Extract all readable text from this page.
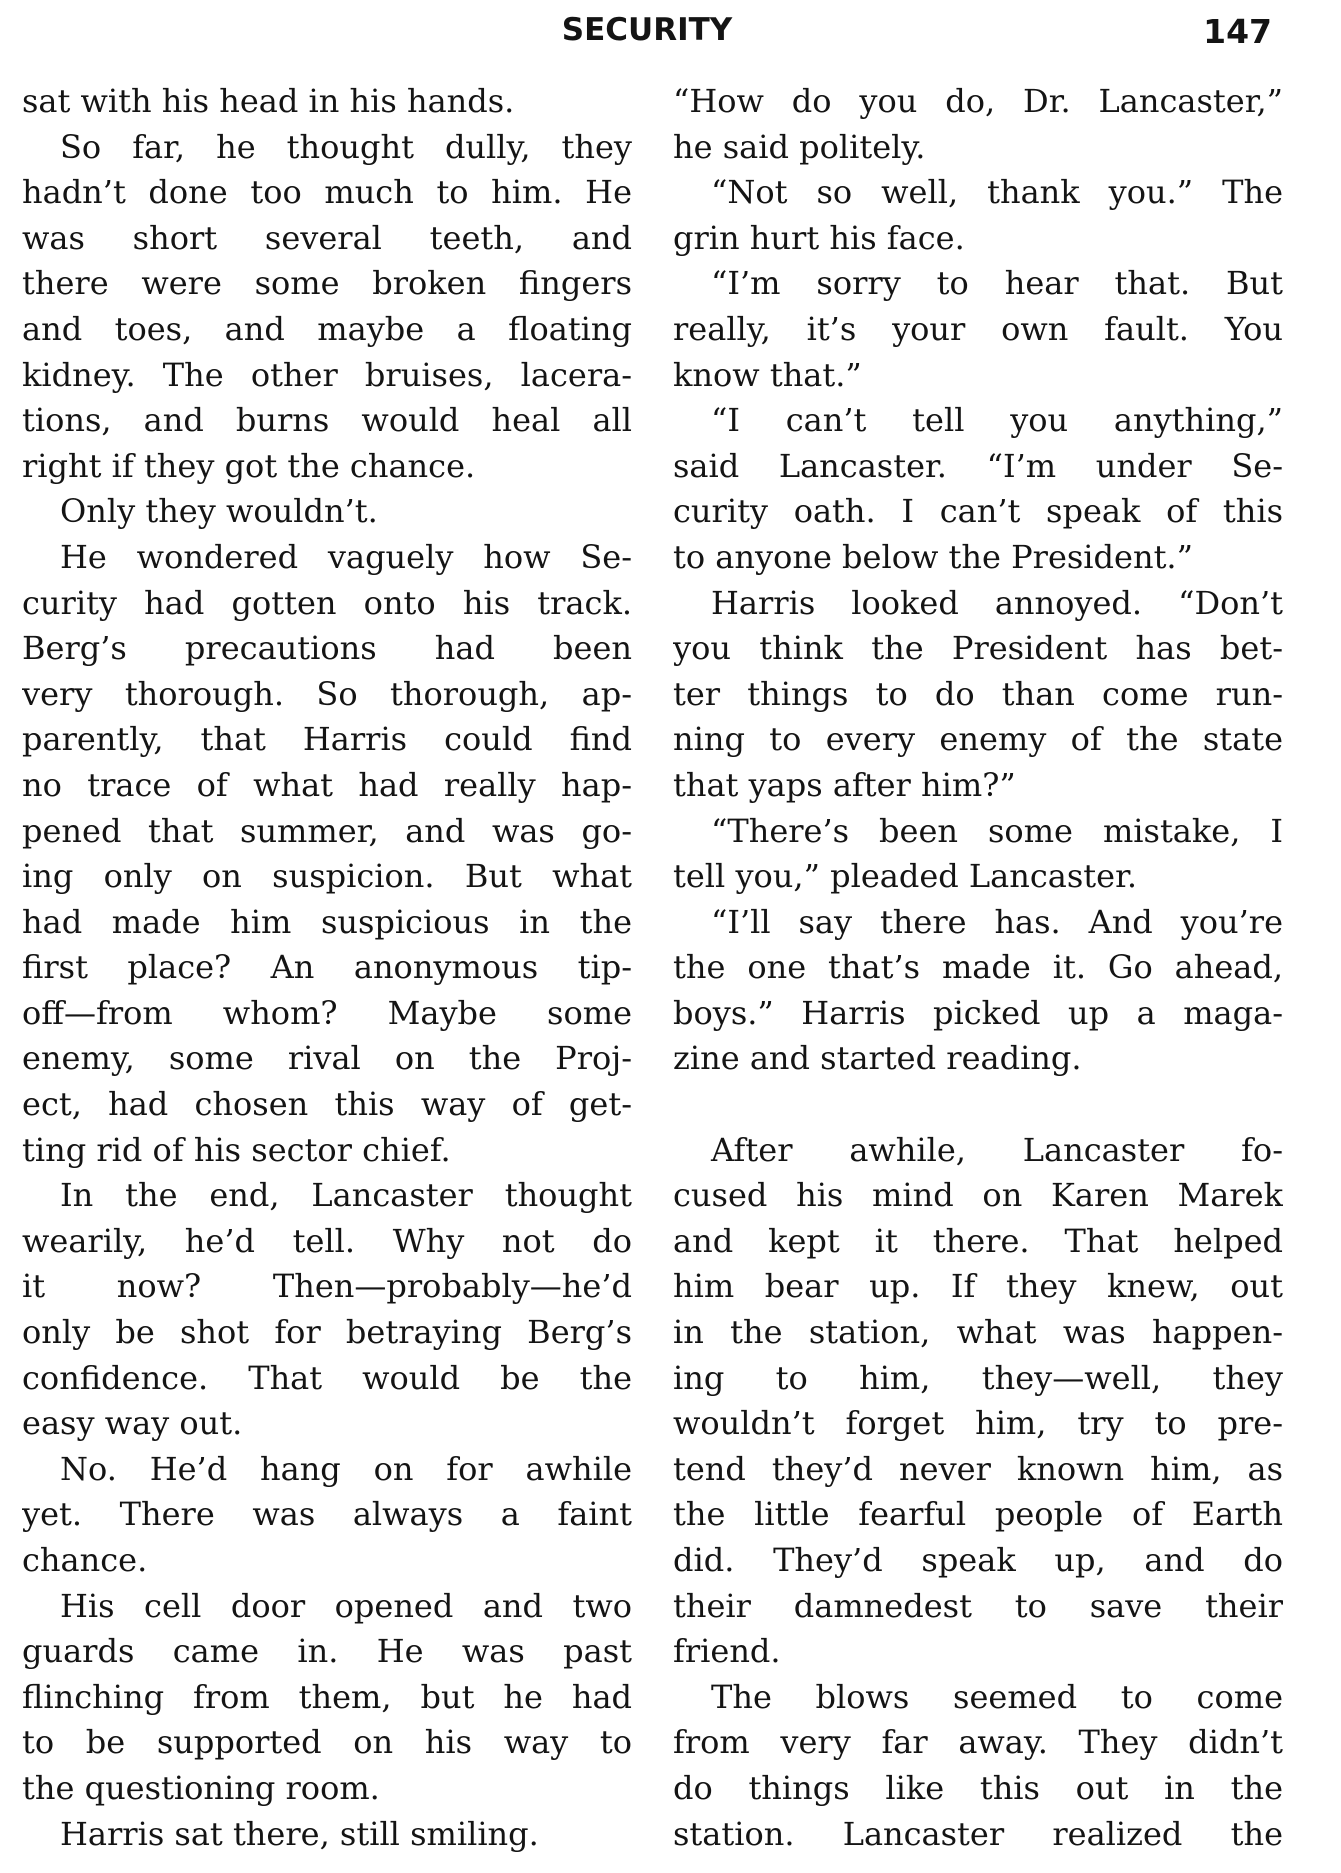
SECURITY	147
sat with his head in his hands.
So far, he thought dully, they
hadn’t done too much to him. He
was short several teeth, and
there were some broken fingers
and toes, and maybe a floating
kidney. The other bruises, lacera-
tions, and burns would heal all
right if they got the chance.
Only they wouldn’t.
He wondered vaguely how Se-
curity had gotten onto his track.
Berg’s precautions had been
very thorough. So thorough, ap-
parently, that Harris could find
no trace of what had really hap-
pened that summer, and was go-
ing only on suspicion. But what
had made him suspicious in the
first place? An anonymous tip-
off—from whom? Maybe some
enemy, some rival on the Proj-
ect, had chosen this way of get-
ting rid of his sector chief.
In the end, Lancaster thought
wearily, he’d tell. Why not do
it now? Then—probably—he’d
only be shot for betraying Berg’s
confidence. That would be the
easy way out.
No. He’d hang on for awhile
yet. There was always a faint
chance.
His cell door opened and two
guards came in. He was past
flinching from them, but he had
to be supported on his way to
the questioning room.
Harris sat there, still smiling.
“How do you do, Dr. Lancaster,”
he said politely.
“Not so well, thank you.” The
grin hurt his face.
“I’m sorry to hear that. But
really, it’s your own fault. You
know that.”
“I can’t tell you anything,”
said Lancaster. “I’m under Se-
curity oath. I can’t speak of this
to anyone below the President.”
Harris looked annoyed. “Don’t
you think the President has bet-
ter things to do than come run-
ning to every enemy of the state
that yaps after him?”
“There’s been some mistake, I
tell you,” pleaded Lancaster.
“I’ll say there has. And you’re
the one that’s made it. Go ahead,
boys.” Harris picked up a maga-
zine and started reading.
After awhile, Lancaster fo-
cused his mind on Karen Marek
and kept it there. That helped
him bear up. If they knew, out
in the station, what was happen-
ing to him, they—well, they
wouldn’t forget him, try to pre-
tend they’d never known him, as
the little fearful people of Earth
did. They’d speak up, and do
their damnedest to save their
friend.
The blows seemed to come
from very far away. They didn’t
do things like this out in the
station. Lancaster realized the
